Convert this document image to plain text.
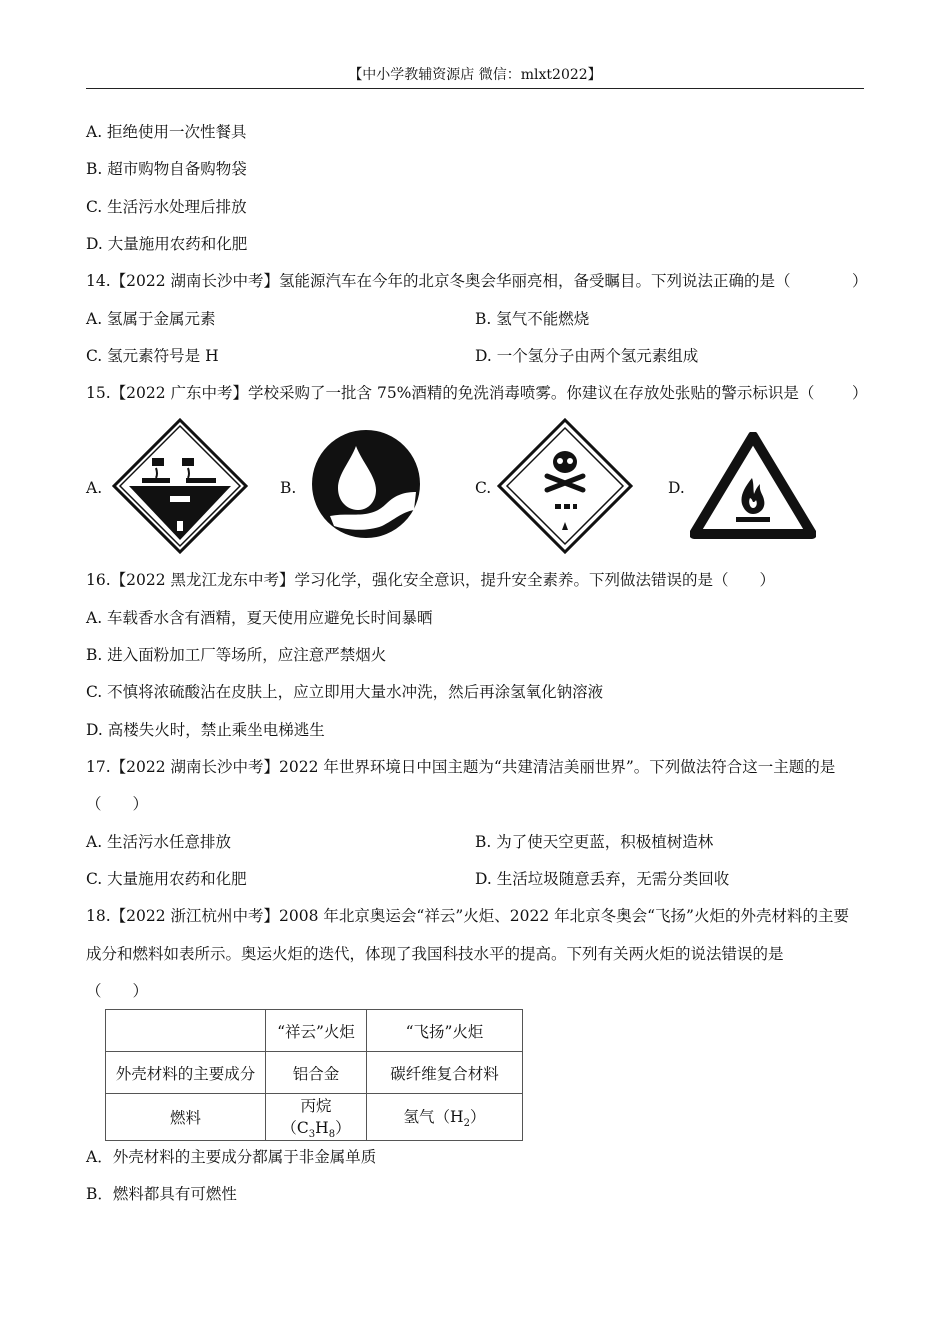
【中小学教辅资源店 微信：mlxt2022】
A. 拒绝使用一次性餐具
B. 超市购物自备购物袋
C. 生活污水处理后排放
D. 大量施用农药和化肥
14.【2022 湖南长沙中考】氢能源汽车在今年的北京冬奥会华丽亮相，备受瞩目。下列说法正确的是（	）
A. 氢属于金属元素	B. 氢气不能燃烧
C. 氢元素符号是 H	D. 一个氢分子由两个氢元素组成
15.【2022 广东中考】学校采购了一批含 75%酒精的免洗消毒喷雾。你建议在存放处张贴的警示标识是（ ）
A.	B.	C.	D.
16.【2022 黑龙江龙东中考】学习化学，强化安全意识，提升安全素养。下列做法错误的是（　　）
A. 车载香水含有酒精，夏天使用应避免长时间暴晒
B. 进入面粉加工厂等场所，应注意严禁烟火
C. 不慎将浓硫酸沾在皮肤上，应立即用大量水冲洗，然后再涂氢氧化钠溶液
D. 高楼失火时，禁止乘坐电梯逃生
17.【2022 湖南长沙中考】2022 年世界环境日中国主题为“共建清洁美丽世界”。下列做法符合这一主题的是
（　　）
A. 生活污水任意排放	B. 为了使天空更蓝，积极植树造林
C. 大量施用农药和化肥	D. 生活垃圾随意丢弃，无需分类回收
18.【2022 浙江杭州中考】2008 年北京奥运会“祥云”火炬、2022 年北京冬奥会“飞扬”火炬的外壳材料的主要
成分和燃料如表所示。奥运火炬的迭代，体现了我国科技水平的提高。下列有关两火炬的说法错误的是
（　　）
	“祥云”火炬	“飞扬”火炬
外壳材料的主要成分	铝合金	碳纤维复合材料
燃料	丙烷$(C_3H_8)$	氢气$(H_2)$
A．外壳材料的主要成分都属于非金属单质
B．燃料都具有可燃性
